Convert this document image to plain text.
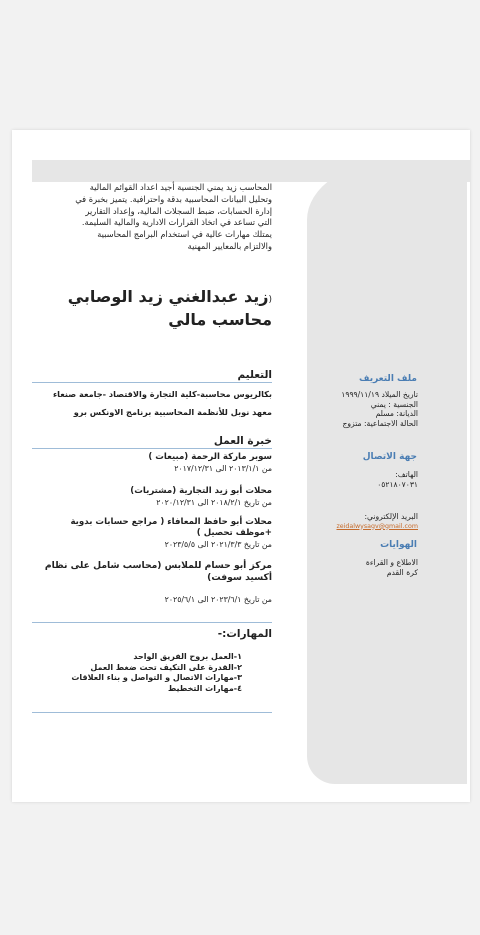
المحاسب زيد يمني الجنسية أجيد اعداد القوائم المالية وتحليل البيانات المحاسبية بدقة واحترافية. يتميز بخبرة في إدارة الحسابات، ضبط السجلات المالية، وإعداد التقارير التي تساعد في اتخاذ القرارات الادارية والمالية السليمة. يمتلك مهارات عالية في استخدام البرامج المحاسبية والالتزام بالمعايير المهنية
(زيد عبدالغني زيد الوصابي
محاسب مالي
التعليم
بكالريوس محاسبة-كلية التجارة والاقتصاد -جامعة صنعاء
معهد نوبل للأنظمة المحاسبية برنامج الاونكس برو
خبرة العمل
سوبر ماركة الرحمة (مبيعات )
من ٢٠١٣/١/١ الى ٢٠١٧/١٢/٣١
محلات أبو زيد التجارية (مشتريات)
من تاريخ ٢٠١٨/٢/١ الى ٢٠٢٠/١٢/٣١
محلات أبو حافظ المعافاء ( مراجع حسابات بدوية +موظف تحصيل )
من تاريخ ٢٠٢١/٣/٣ الى ٢٠٢٣/٥/٥
مركز أبو حسام للملابس (محاسب شامل على نظام أكسيد سوفت)
من تاريخ ٢٠٢٣/٦/١ الى ٢٠٢٥/٦/١
المهارات:-
١-العمل بروح الفريق الواحد
٢-القدرة على التكيف تحت ضغط العمل
٣-مهارات الاتصال و التواصل و بناء العلاقات
٤-مهارات التخطيط
ملف التعريف
تاريخ الميلاد ١٩٩٩/١١/١٩
الجنسية : يمني
الديانة: مسلم
الحالة الاجتماعية: متزوج
جهة الاتصال
الهاتف:
٠٥٢١٨٠٧٠٣١
البريد الإلكتروني:
zeidalwysagv@gmail.com
الهوايات
الاطلاع و القراءة
كرة القدم
